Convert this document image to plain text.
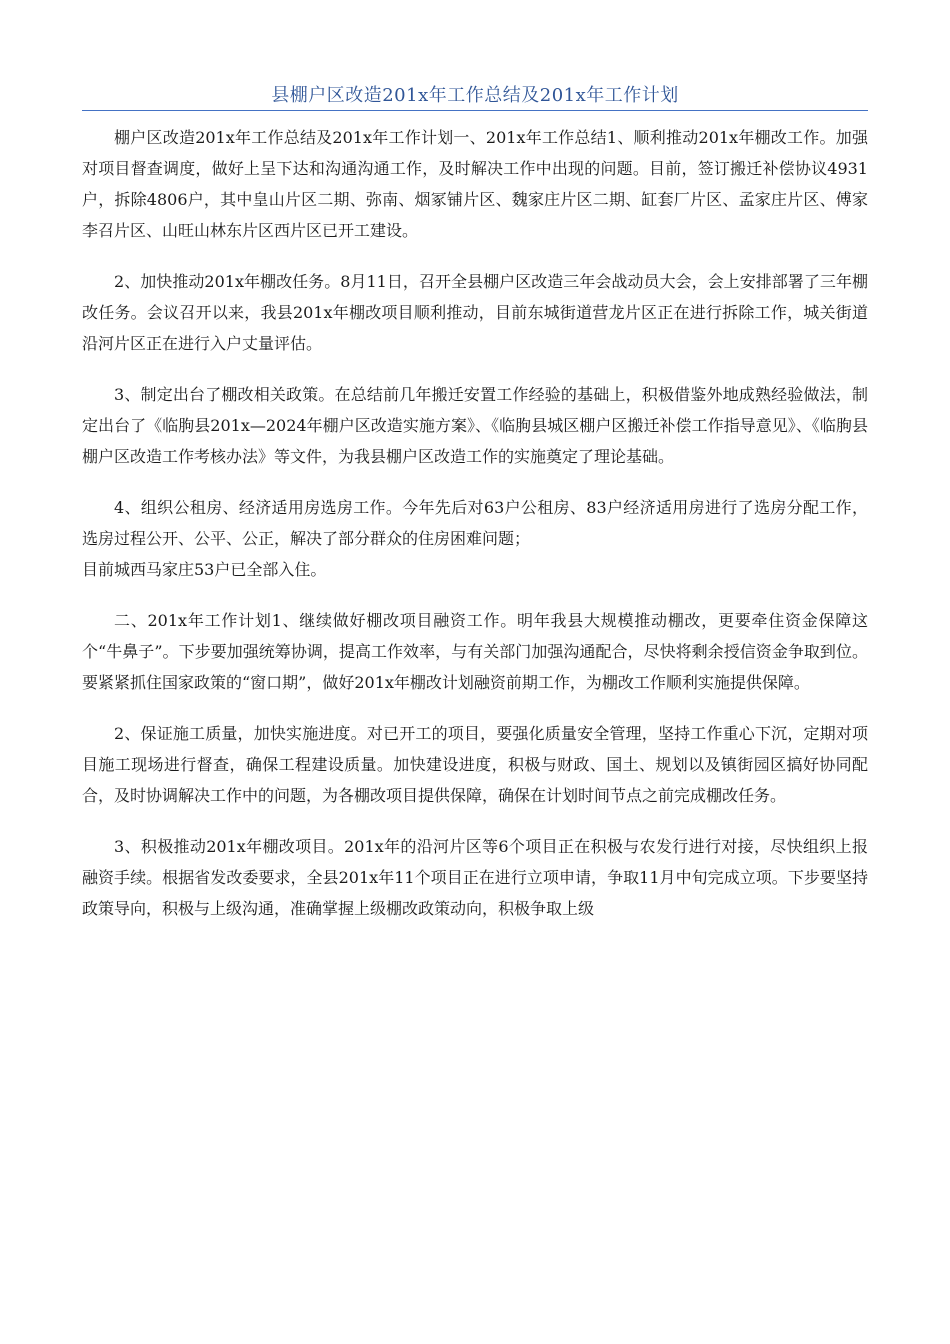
县棚户区改造201x年工作总结及201x年工作计划

棚户区改造201x年工作总结及201x年工作计划一、201x年工作总结1、顺利推动201x年棚改工作。加强对项目督查调度，做好上呈下达和沟通沟通工作，及时解决工作中出现的问题。目前，签订搬迁补偿协议4931户，拆除4806户，其中皇山片区二期、弥南、烟冢铺片区、魏家庄片区二期、缸套厂片区、孟家庄片区、傅家李召片区、山旺山林东片区西片区已开工建设。

2、加快推动201x年棚改任务。8月11日，召开全县棚户区改造三年会战动员大会，会上安排部署了三年棚改任务。会议召开以来，我县201x年棚改项目顺利推动，目前东城街道营龙片区正在进行拆除工作，城关街道沿河片区正在进行入户丈量评估。

3、制定出台了棚改相关政策。在总结前几年搬迁安置工作经验的基础上，积极借鉴外地成熟经验做法，制定出台了《临朐县201x—2024年棚户区改造实施方案》、《临朐县城区棚户区搬迁补偿工作指导意见》、《临朐县棚户区改造工作考核办法》等文件，为我县棚户区改造工作的实施奠定了理论基础。

4、组织公租房、经济适用房选房工作。今年先后对63户公租房、83户经济适用房进行了选房分配工作，选房过程公开、公平、公正，解决了部分群众的住房困难问题；

目前城西马家庄53户已全部入住。

二、201x年工作计划1、继续做好棚改项目融资工作。明年我县大规模推动棚改，更要牵住资金保障这个“牛鼻子”。下步要加强统筹协调，提高工作效率，与有关部门加强沟通配合，尽快将剩余授信资金争取到位。要紧紧抓住国家政策的“窗口期”，做好201x年棚改计划融资前期工作，为棚改工作顺利实施提供保障。

2、保证施工质量，加快实施进度。对已开工的项目，要强化质量安全管理，坚持工作重心下沉，定期对项目施工现场进行督查，确保工程建设质量。加快建设进度，积极与财政、国土、规划以及镇街园区搞好协同配合，及时协调解决工作中的问题，为各棚改项目提供保障，确保在计划时间节点之前完成棚改任务。

3、积极推动201x年棚改项目。201x年的沿河片区等6个项目正在积极与农发行进行对接，尽快组织上报融资手续。根据省发改委要求，全县201x年11个项目正在进行立项申请，争取11月中旬完成立项。下步要坚持政策导向，积极与上级沟通，准确掌握上级棚改政策动向，积极争取上级
